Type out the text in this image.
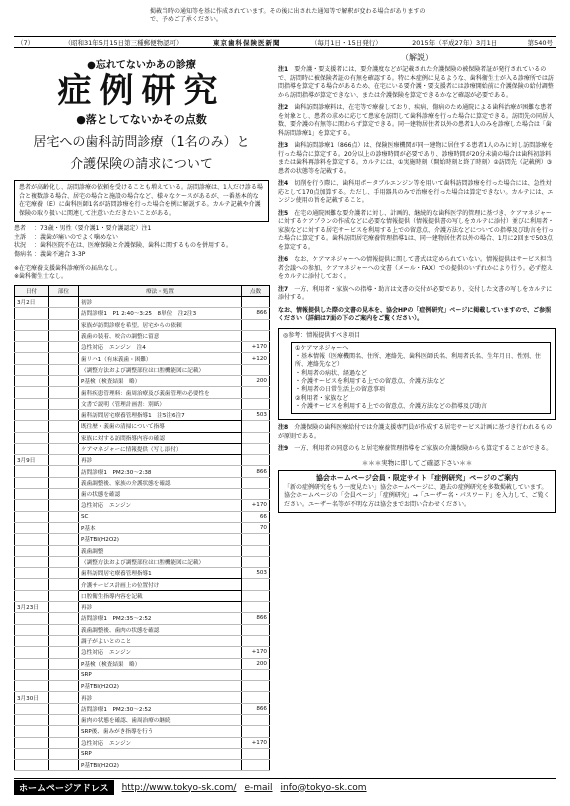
掲載当時の通知等を基に作成されています。その後に出された通知等で解釈が変わる場合がありますので、予めご了承ください。
（7）	（昭和31年5月15日第三種郵便物認可）	東京歯科保険医新聞	（毎月1日・15日発行）	2015年（平成27年）3月1日	第540号
●忘れてないかあの診療
症例研究
●落としてないかその点数
居宅への歯科訪問診療（1名のみ）と
介護保険の請求について
患者が高齢化し、訪問診療の依頼を受けることも増えている。訪問診療は、1人だけ診る場合と複数診る場合、居宅の場合と施設の場合など、様々なケースがあるが、一番基本的な在宅療養（E）に歯科医師1名が訪問診療を行った場合を例に解説する。カルテ記載や介護保険の取り扱いに関連して注意いただきたいことがある。
患者 ：73歳・男性（要介護1・要介護認定）注1
主訴 ：義歯が痛いのでよく噛めない
状況 ：歯科医院不在は、医療保険と介護保険、歯科に関するものを併用する。
傷病名 ：義歯不適合 3-3P
※在宅療養支援歯科診療所の届出なし。
※歯科衛生士なし。
日付	部位	療法・処置	点数
3月2日		初診	
		訪問診療1　P1 2:40～3:25　8単位　注2注3	866
		家族が訪問診療を希望。居宅からの依頼	
		義歯の装着、咬合の調整に留意	
		急性対応　エンジン　注4	+170
		歯リハ1（有床義歯・困難）	+120
		（調整方法および調整部位は口腔機能図に記載）	
		P基検（検査結果　略）	200
		歯科疾患管理料：歯周治療及び義歯管理の必要性を	
		文書で説明（管理計画書：別紙）	
		歯科訪問居宅療養管理指導1　注5注6注7	503
		既往歴・義歯の清掃について指導	
		家族に対する訪問指導内容の確認	
		ケアマネジャーに情報提供（写し添付）	
3月9日		再診	
		訪問診療1　PM2:30～2:38	866
		義歯調整後、家族の介護状態を確認	
		歯の状態を確認	
		急性対応　エンジン	+170
		SC	66
		P基本	70
		P基TBI(H2O2)	
		義歯調整	
		（調整方法および調整部位は口腔機能図に記載）	
		歯科訪問居宅療養管理指導1	503
		介護サービス計画上の位置付け	
		口腔衛生指導内容を記載	
3月23日		再診	
		訪問診療1　PM2:35～2:52	866
		義歯調整後、歯肉の状態を確認	
		調子がよいとのこと	
		急性対応　エンジン	+170
		P基検（検査結果　略）	200
		SRP	
		P基TBI(H2O2)	
3月30日		再診	
		訪問診療1　PM2:30～2:52	866
		歯肉の状態を確認、歯周治療の継続	
		SRP後、歯みがき指導を行う	
		急性対応　エンジン	+170
		SRP	
		P基TBI(H2O2)	
（解説）
注1　 要介護・要支援者には、要介護度などが記載された介護保険の被保険者証が発行されているので、訪問時に被保険者証の有無を確認する。特に本症例に見るような、歯科衛生士が入る診療所では訪問指導を算定する場合があるため、在宅にいる要介護・要支援者には診療開始前に介護保険の給付調整から訪問指導が算定できない、または介護保険を算定できるかなど確認が必要である。
注2　 歯科訪問診療料は、在宅等で療養しており、疾病、傷病のため通院による歯科治療が困難な患者を対象とし、患者の求めに応じて患家を訪問して歯科診療を行った場合に算定できる。訪問先の同居人数、要介護の有無等に関わらず算定できる。同一建物居住者以外の患者1人のみを診療した場合は「歯科訪問診療1」を算定する。
注3　 歯科訪問診療1（866点）は、保険医療機関が同一建物に居住する患者1人のみに対し訪問診療を行った場合に算定する。20分以上の診療時間が必要であり、診療時間が20分未満の場合は歯科初診料または歯科再診料を算定する。カルテには、①実施時刻（開始時刻と終了時刻）②訪問先（記載例）③患者の状態等を記載する。
注4　 切削を行う際に、歯科用ポータブルエンジン等を用いて歯科訪問診療を行った場合には、急性対応として170点加算する。ただし、手用器具のみで治療を行った場合は算定できない。カルテには、エンジン使用の旨を記載すること。
注5　 在宅の通院困難な要介護者に対し、計画的、継続的な歯科医学的管理に基づき、ケアマネジャーに対するケアプランの作成などに必要な情報提供（情報提供書の写しをカルテに添付）並びに利用者・家族などに対する居宅サービスを利用する上での留意点、介護方法などについての指導及び助言を行った場合に算定する。歯科訪問居宅療養管理指導1は、同一建物居住者以外の場合、1月に2回まで503点を算定する。
注6　 なお、ケアマネジャーへの情報提供に関して書式は定められていない。情報提供はサービス担当者会議への参加、ケアマネジャーへの文書（メール・FAX）での提供のいずれかにより行う。必ず控えをカルテに添付しておく。
注7　 一方、利用者・家族への指導・助言は文書の交付が必要であり、交付した文書の写しをカルテに添付する。
なお、情報提供した際の文書の見本を、協会HPの「症例研究」ページに掲載していますので、ご参照ください（詳細は7面の下のご案内をご覧ください）。
◎参考：情報提供すべき項目
①ケアマネジャーへ
・基本情報（医療機関名、住所、連絡先、歯科医師氏名、利用者氏名、生年月日、性別、住所、連絡先など）
・利用者の病状、経過など
・介護サービスを利用する上での留意点、介護方法など
・利用者の日常生活上の留意事項
②利用者・家族など
・介護サービスを利用する上での留意点、介護方法などの指導及び助言
注8　 介護保険の歯科医療給付では介護支援専門員が作成する居宅サービス計画に基づき行われるものが原則である。
注9　 一方、利用者の同意のもと居宅療養管理指導をご家族の介護保険からも算定することができる。
＊＊＊実物に即してご確認下さい＊＊
協会ホームページ会員・限定サイト「症例研究」ページのご案内
「新の症例研究をもう一度見たい」協会ホームページに、過去の症例研究を多数掲載しています。協会ホームページの「会員ページ」「症例研究」→「ユーザー名・パスワード」を入力して、ご覧ください。ユーザー名等が不明な方は協会までお問い合わせください。
ホームページアドレス	http://www.tokyo-sk.com/ e-mail info@tokyo-sk.com
